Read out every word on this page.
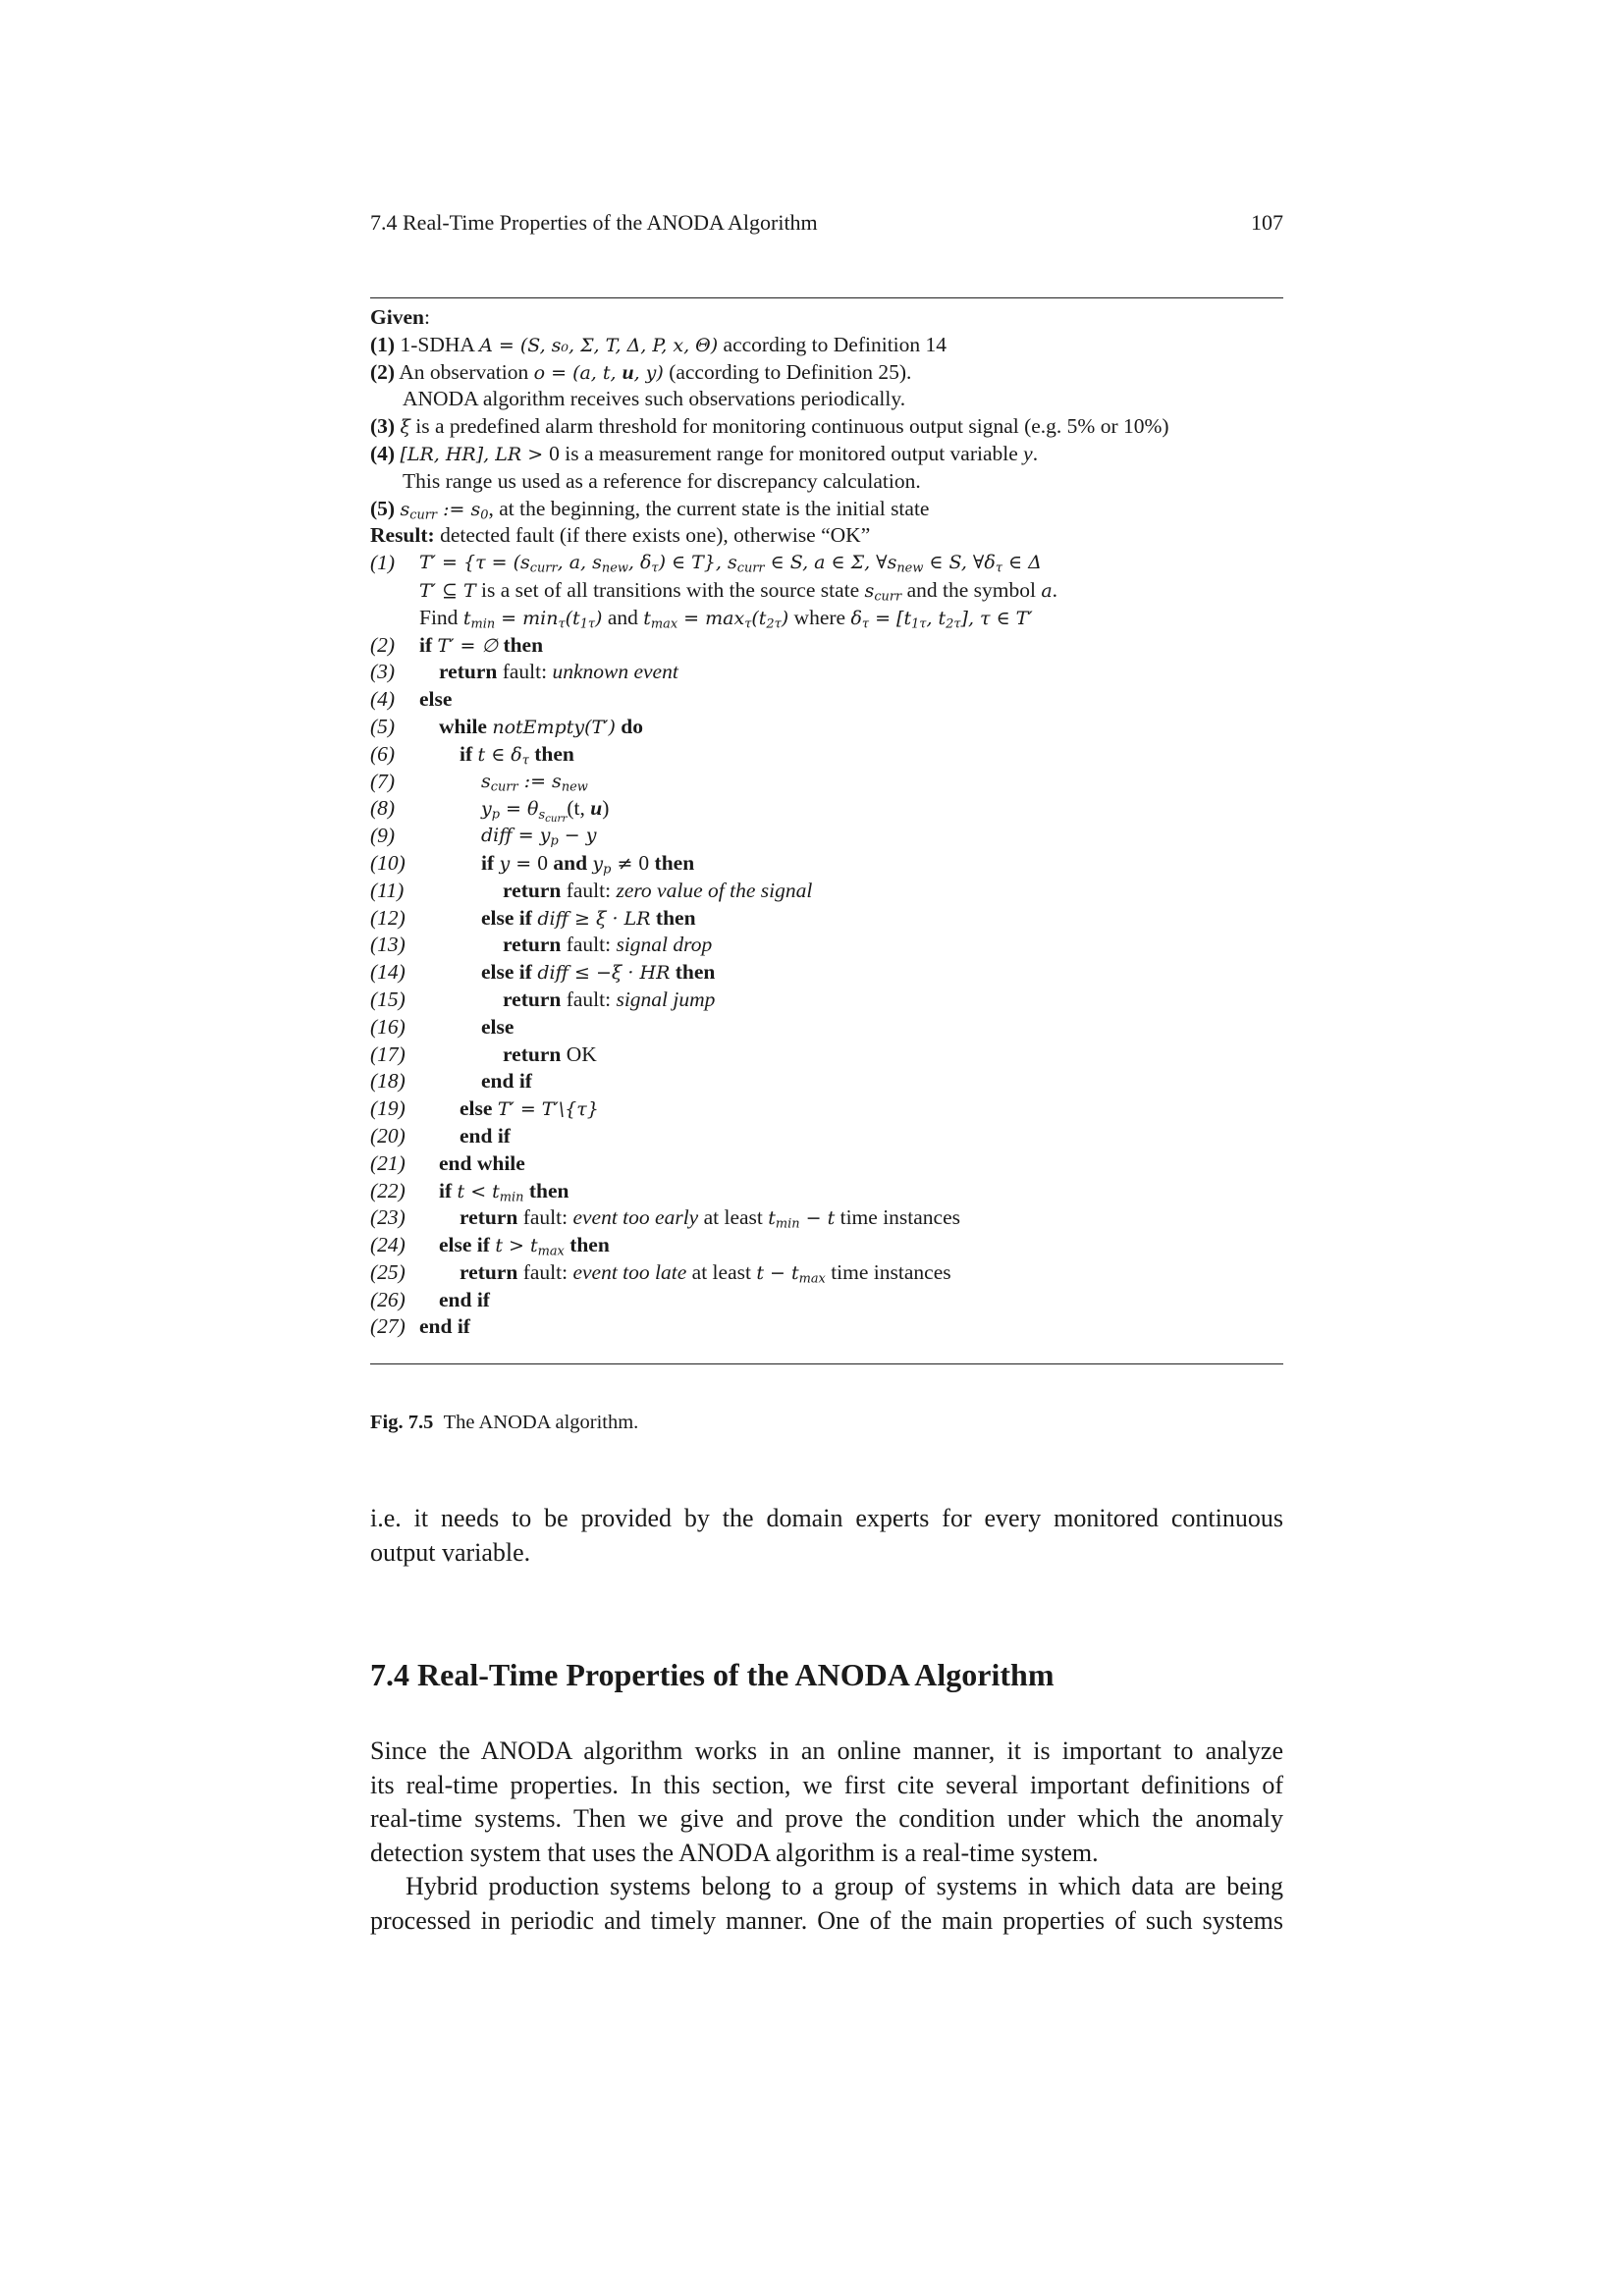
7.4 Real-Time Properties of the ANODA Algorithm	107
Given:
(1) 1-SDHA A = (S, s₀, Σ, T, Δ, P, x, Θ) according to Definition 14
(2) An observation o = (a, t, u, y) (according to Definition 25).
ANODA algorithm receives such observations periodically.
(3) ξ is a predefined alarm threshold for monitoring continuous output signal (e.g. 5% or 10%)
(4) [LR, HR], LR > 0 is a measurement range for monitored output variable y.
This range us used as a reference for discrepancy calculation.
(5) $s_{curr}$ := $s_0$, at the beginning, the current state is the initial state
Result: detected fault (if there exists one), otherwise “OK”
(1) $T' = \{\tau = (s_{curr}$, a, $s_{new}$, $\delta_\tau$) ∈ T}, $s_{curr}$ ∈ S, a ∈ Σ, $\forall s_{new}$ ∈ S, $\forall\delta_\tau$ ∈ Δ
T′ ⊆ T is a set of all transitions with the source state $s_{curr}$ and the symbol a.
Find $t_{min} = \min_\tau(t_{1\tau})$ and $t_{max} = \max_\tau(t_{2\tau})$ where $\delta_\tau = [t_{1\tau}$, $t_{2\tau}$], τ ∈ T′
(2) if T′ = ∅ then
(3) return fault: unknown event
(4) else
(5) while notEmpty(T′) do
(6)	if t ∈ $\delta_\tau$ then
(7)	$s_{curr}$ := $s_{new}$
(8)	$y_p = \theta_{s_{curr}}(t$, u)
(9)	diff = $y_p - y$
(10)	if y = 0 and $y_p \ne 0$ then
(11)	return fault: zero value of the signal
(12)	else if diff ≥ ξ · LR then
(13)	return fault: signal drop
(14)	else if diff ≤ −ξ · HR then
(15)	return fault: signal jump
(16)	else
(17)	return OK
(18)	end if
(19)	else T′ = T′\{τ}
(20)	end if
(21) end while
(22) if $t < t_{min}$ then
(23)	return fault: event too early at least $t_{min} - t$ time instances
(24) else if $t > t_{max}$ then
(25)	return fault: event too late at least $t - t_{max}$ time instances
(26) end if
(27) end if
Fig. 7.5 The ANODA algorithm.
i.e. it needs to be provided by the domain experts for every monitored continuous
output variable.
7.4 Real-Time Properties of the ANODA Algorithm
Since the ANODA algorithm works in an online manner, it is important to analyze
its real-time properties. In this section, we first cite several important definitions of
real-time systems. Then we give and prove the condition under which the anomaly
detection system that uses the ANODA algorithm is a real-time system.
Hybrid production systems belong to a group of systems in which data are being
processed in periodic and timely manner. One of the main properties of such systems
